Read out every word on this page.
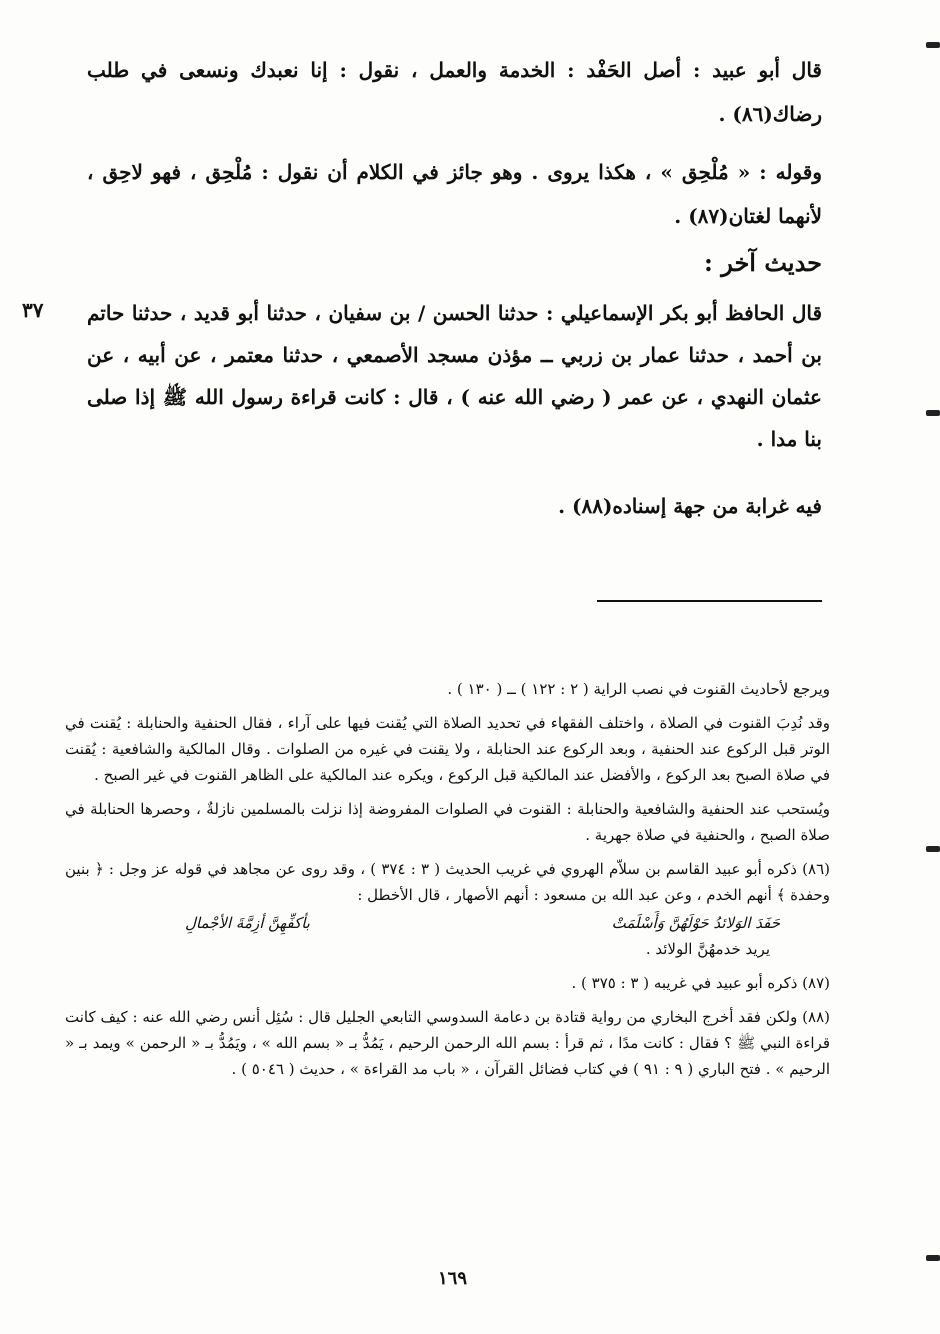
قال أبو عبيد : أصل الحَفْد : الخدمة والعمل ، نقول : إنا نعبدك ونسعى في طلب رضاك(٨٦) .
وقوله : « مُلْحِق » ، هكذا يروى . وهو جائز في الكلام أن نقول : مُلْحِق ، فهو لاحِق ، لأنهما لغتان(٨٧) .
حديث آخر :
٣٧ قال الحافظ أبو بكر الإسماعيلي : حدثنا الحسن / بن سفيان ، حدثنا أبو قديد ، حدثنا حاتم بن أحمد ، حدثنا عمار بن زربي ــ مؤذن مسجد الأصمعي ، حدثنا معتمر ، عن أبيه ، عن عثمان النهدي ، عن عمر ( رضي الله عنه ) ، قال : كانت قراءة رسول الله ﷺ إذا صلى بنا مدا .
فيه غرابة من جهة إسناده(٨٨) .

ويرجع لأحاديث القنوت في نصب الراية ( ٢ : ١٢٢ ) ــ ( ١٣٠ ) .

وقد نُدِبَ القنوت في الصلاة ، واختلف الفقهاء في تحديد الصلاة التي يُقنت فيها على آراء ، فقال الحنفية والحنابلة : يُقنت في الوتر قبل الركوع عند الحنفية ، وبعد الركوع عند الحنابلة ، ولا يقنت في غيره من الصلوات . وقال المالكية والشافعية : يُقنت في صلاة الصبح بعد الركوع ، والأفضل عند المالكية قبل الركوع ، ويكره عند المالكية على الظاهر القنوت في غير الصبح .

ويُستحب عند الحنفية والشافعية والحنابلة : القنوت في الصلوات المفروضة إذا نزلت بالمسلمين نازلةٌ ، وحصرها الحنابلة في صلاة الصبح ، والحنفية في صلاة جهرية .

(٨٦) ذكره أبو عبيد القاسم بن سلاّم الهروي في غريب الحديث ( ٣ : ٣٧٤ ) ، وقد روى عن مجاهد في قوله عز وجل : ﴿ بنين وحفدة ﴾ أنهم الخدم ، وعن عبد الله بن مسعود : أنهم الأصهار ، قال الأخطل :

حَفَدَ الوَلائدُ حَوْلَهُنَّ وَأَسْلَمَتْ
بأكفِّهِنَّ أزِمَّةَ الأجْمالِ

يريد خدمهُنَّ الولائد .

(٨٧) ذكره أبو عبيد في غريبه ( ٣ : ٣٧٥ ) .

(٨٨) ولكن فقد أخرج البخاري من رواية قتادة بن دعامة السدوسي التابعي الجليل قال : سُئِل أنس رضي الله عنه : كيف كانت قراءة النبي ﷺ ؟ فقال : كانت مدًا ، ثم قرأ : بسم الله الرحمن الرحيم ، يَمُدُّ بـ « بسم الله » ، ويَمُدُّ بـ « الرحمن » ويمد بـ « الرحيم » . فتح الباري ( ٩ : ٩١ ) في كتاب فضائل القرآن ، « باب مد القراءة » ، حديث ( ٥٠٤٦ ) .

١٦٩
